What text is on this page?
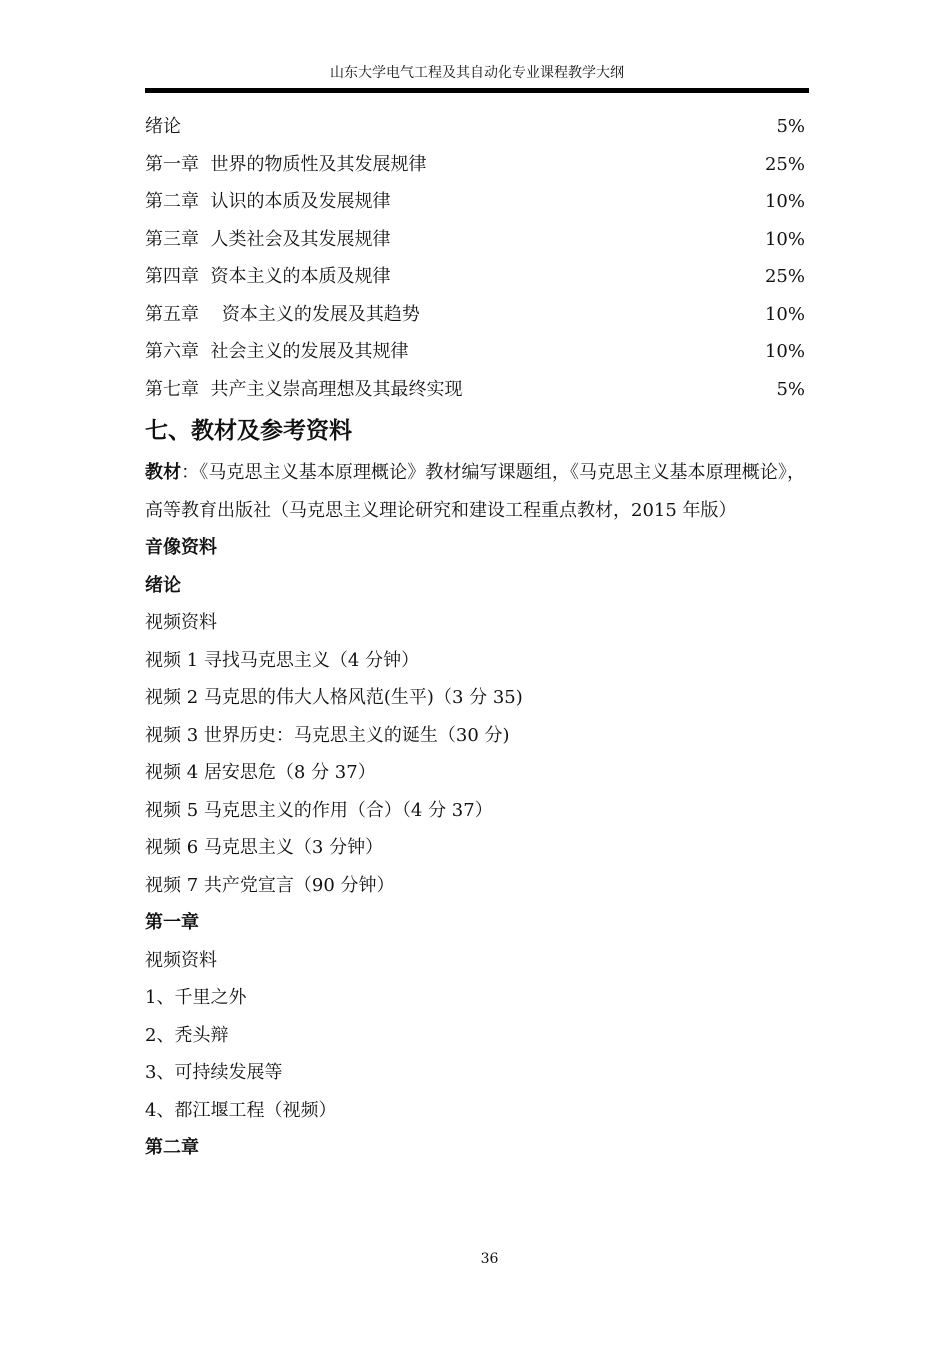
山东大学电气工程及其自动化专业课程教学大纲
绪论	5%
第一章  世界的物质性及其发展规律	25%
第二章  认识的本质及发展规律	10%
第三章  人类社会及其发展规律	10%
第四章  资本主义的本质及规律	25%
第五章    资本主义的发展及其趋势	10%
第六章  社会主义的发展及其规律	10%
第七章  共产主义崇高理想及其最终实现	5%
七、教材及参考资料
教材：《马克思主义基本原理概论》教材编写课题组，《马克思主义基本原理概论》，高等教育出版社（马克思主义理论研究和建设工程重点教材，2015 年版）
音像资料
绪论
视频资料
视频 1 寻找马克思主义（4 分钟）
视频 2 马克思的伟大人格风范(生平)（3 分 35)
视频 3 世界历史：马克思主义的诞生（30 分)
视频 4 居安思危（8 分 37）
视频 5 马克思主义的作用（合）（4 分 37）
视频 6 马克思主义（3 分钟）
视频 7 共产党宣言（90 分钟）
第一章
视频资料
1、千里之外
2、秃头辩
3、可持续发展等
4、都江堰工程（视频）
第二章
36
